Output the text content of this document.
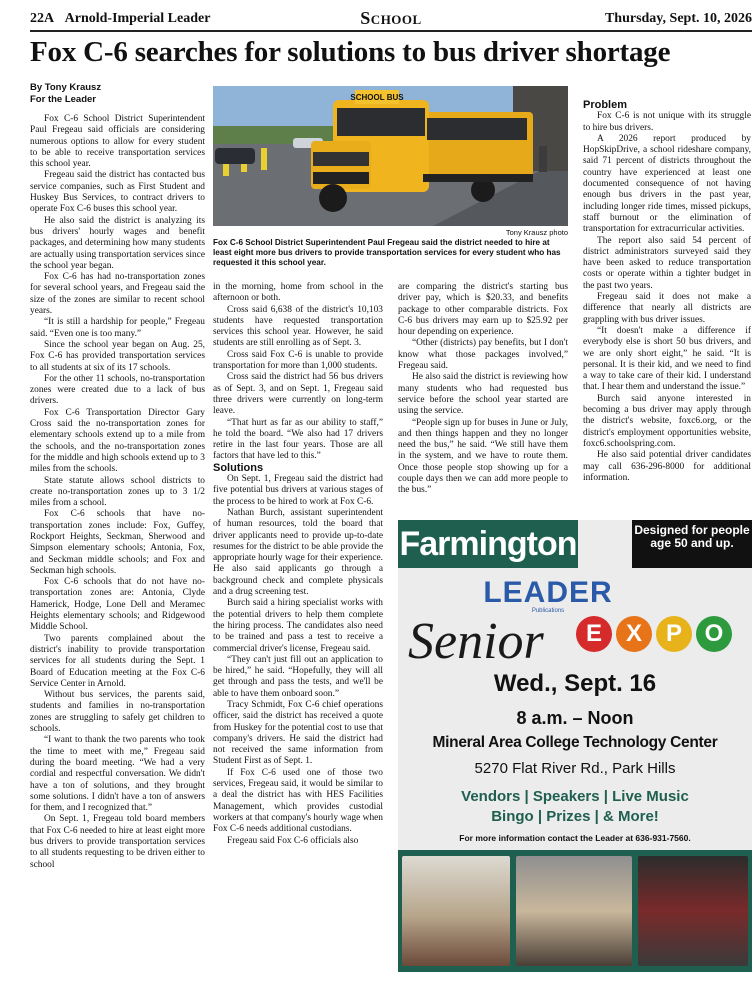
22A Arnold-Imperial Leader	School	Thursday, Sept. 10, 2026
Fox C-6 searches for solutions to bus driver shortage
By Tony Krausz
For the Leader	SCHOOL BUS
Tony Krausz photo
Fox C-6 School District Superintendent Paul Fregeau said the district needed to hire at least eight more bus drivers to provide transportation services for every student who has requested it this school year.

Fox C-6 School District Superintendent Paul Fregeau said officials are considering numerous options to allow for every student to be able to receive transportation services this school year.

Fregeau said the district has contacted bus service companies, such as First Student and Huskey Bus Services, to contract drivers to operate Fox C-6 buses this school year.

He also said the district is analyzing its bus drivers' hourly wages and benefit packages, and determining how many students are actually using transportation services since the school year began.

Fox C-6 has had no-transportation zones for several school years, and Fregeau said the size of the zones are similar to recent school years.

“It is still a hardship for people,” Fregeau said. “Even one is too many.”

Since the school year began on Aug. 25, Fox C-6 has provided transportation services to all students at six of its 17 schools.

For the other 11 schools, no-transportation zones were created due to a lack of bus drivers.

Fox C-6 Transportation Director Gary Cross said the no-transportation zones for elementary schools extend up to a mile from the schools, and the no-transportation zones for the middle and high schools extend up to 3 miles from the schools.

State statute allows school districts to create no-transportation zones up to 3 1/2 miles from a school.

Fox C-6 schools that have no-transportation zones include: Fox, Guffey, Rockport Heights, Seckman, Sherwood and Simpson elementary schools; Antonia, Fox, and Seckman middle schools; and Fox and Seckman high schools.

Fox C-6 schools that do not have no-transportation zones are: Antonia, Clyde Hamerick, Hodge, Lone Dell and Meramec Heights elementary schools; and Ridgewood Middle School.

Two parents complained about the district's inability to provide transportation services for all students during the Sept. 1 Board of Education meeting at the Fox C-6 Service Center in Arnold.

Without bus services, the parents said, students and families in no-transportation zones are struggling to safely get children to schools.

“I want to thank the two parents who took the time to meet with me,” Fregeau said during the board meeting. “We had a very cordial and respectful conversation. We didn't have a ton of solutions, and they brought some solutions. I didn't have a ton of answers for them, and I recognized that.”

On Sept. 1, Fregeau told board members that Fox C-6 needed to hire at least eight more bus drivers to provide transportation services to all students requesting to be driven either to school

in the morning, home from school in the afternoon or both.

Cross said 6,638 of the district's 10,103 students have requested transportation services this school year. However, he said students are still enrolling as of Sept. 3.

Cross said Fox C-6 is unable to provide transportation for more than 1,000 students.

Cross said the district had 56 bus drivers as of Sept. 3, and on Sept. 1, Fregeau said three drivers were currently on long-term leave.

“That hurt as far as our ability to staff,” he told the board. “We also had 17 drivers retire in the last four years. Those are all factors that have led to this.”

Solutions

On Sept. 1, Fregeau said the district had five potential bus drivers at various stages of the process to be hired to work at Fox C-6.

Nathan Burch, assistant superintendent of human resources, told the board that driver applicants need to provide up-to-date resumes for the district to be able provide the appropriate hourly wage for their experience. He also said applicants go through a background check and complete physicals and a drug screening test.

Burch said a hiring specialist works with the potential drivers to help them complete the hiring process. The candidates also need to be trained and pass a test to receive a commercial driver's license, Fregeau said.

“They can't just fill out an application to be hired,” he said. “Hopefully, they will all get through and pass the tests, and we'll be able to have them onboard soon.”

Tracy Schmidt, Fox C-6 chief operations officer, said the district has received a quote from Huskey for the potential cost to use that company's drivers. He said the district had not received the same information from Student First as of Sept. 1.

If Fox C-6 used one of those two services, Fregeau said, it would be similar to a deal the district has with HES Facilities Management, which provides custodial workers at that company's hourly wage when Fox C-6 needs additional custodians.

Fregeau said Fox C-6 officials also

are comparing the district's starting bus driver pay, which is $20.33, and benefits package to other comparable districts. Fox C-6 bus drivers may earn up to $25.92 per hour depending on experience.

“Other (districts) pay benefits, but I don't know what those packages involved,” Fregeau said.

He also said the district is reviewing how many students who had requested bus service before the school year started are using the service.

“People sign up for buses in June or July, and then things happen and they no longer need the bus,” he said. “We still have them in the system, and we have to route them. Once those people stop showing up for a couple days then we can add more people to the bus.”

Problem

Fox C-6 is not unique with its struggle to hire bus drivers.

A 2026 report produced by HopSkipDrive, a school rideshare company, said 71 percent of districts throughout the country have experienced at least one documented consequence of not having enough bus drivers in the past year, including longer ride times, missed pickups, staff burnout or the elimination of transportation for extracurricular activities.

The report also said 54 percent of district administrators surveyed said they have been asked to reduce transportation costs or operate within a tighter budget in the past two years.

Fregeau said it does not make a difference that nearly all districts are grappling with bus driver issues.

“It doesn't make a difference if everybody else is short 50 bus drivers, and we are only short eight,” he said. “It is personal. It is their kid, and we need to find a way to take care of their kid. I understand that. I hear them and understand the issue.”

Burch said anyone interested in becoming a bus driver may apply through the district's website, foxc6.org, or the district's employment opportunities website, foxc6.schoolspring.com.

He also said potential driver candidates may call 636-296-8000 for additional information.

Farmington	Designed for people age 50 and up.
LEADER
Publications
Senior	E X P O
Wed., Sept. 16
8 a.m. – Noon
Mineral Area College Technology Center
5270 Flat River Rd., Park Hills
Vendors | Speakers | Live Music
Bingo | Prizes | & More!
For more information contact the Leader at 636-931-7560.
